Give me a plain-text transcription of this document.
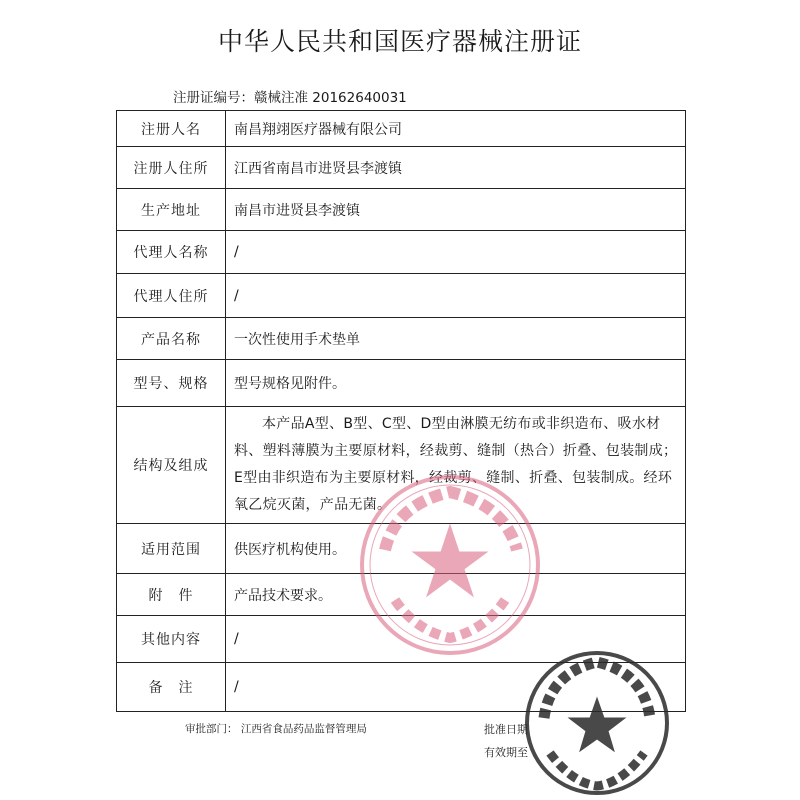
中华人民共和国医疗器械注册证
注册证编号：赣械注准 20162640031
注册人名	南昌翔翊医疗器械有限公司
注册人住所	江西省南昌市进贤县李渡镇
生产地址	南昌市进贤县李渡镇
代理人名称	/
代理人住所	/
产品名称	一次性使用手术垫单
型号、规格	型号规格见附件。
结构及组成	本产品A型、B型、C型、D型由淋膜无纺布或非织造布、吸水材料、塑料薄膜为主要原材料，经裁剪、缝制（热合）折叠、包装制成；E型由非织造布为主要原材料，经裁剪、缝制、折叠、包装制成。经环氧乙烷灭菌，产品无菌。
适用范围	供医疗机构使用。
附　件	产品技术要求。
其他内容	/
备　注	/
审批部门： 江西省食品药品监督管理局	批准日期
有效期至
